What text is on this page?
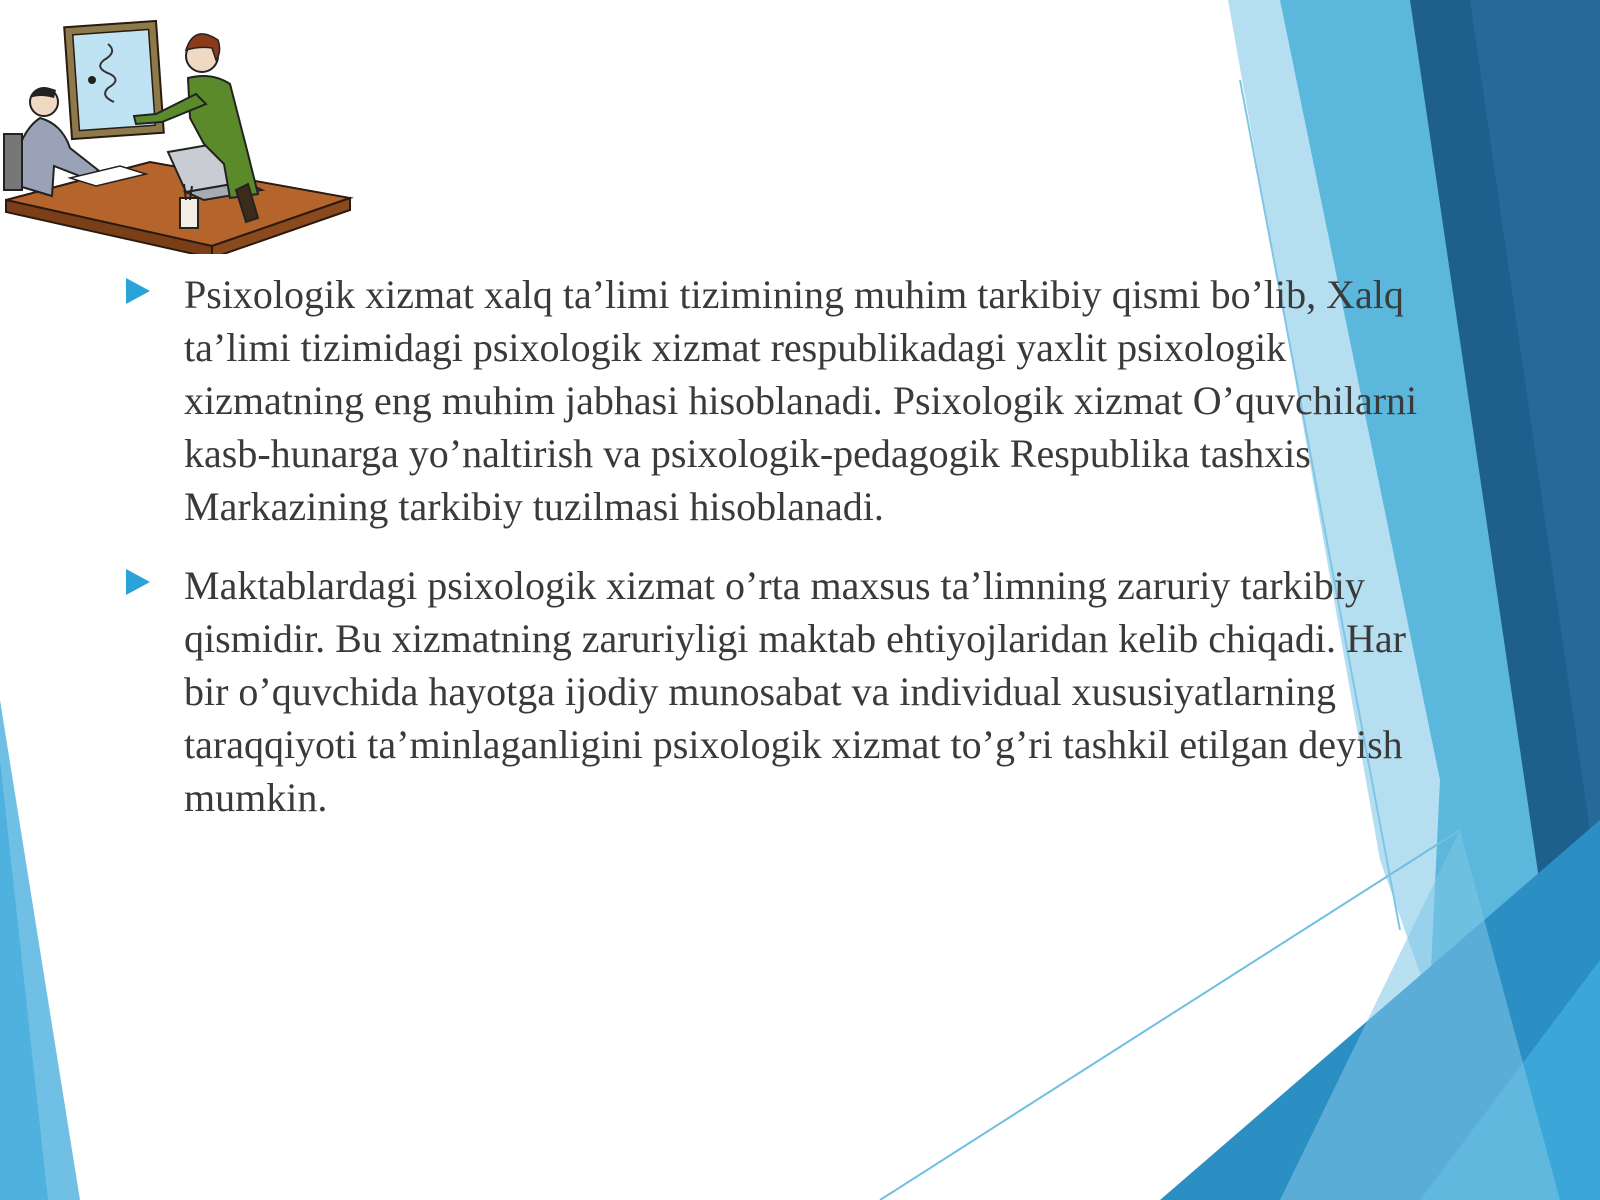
Psixologik xizmat xalq ta’limi tizimining muhim tarkibiy qismi bo’lib, Xalq ta’limi tizimidagi psixologik xizmat respublikadagi yaxlit psixologik xizmatning eng muhim jabhasi hisoblanadi. Psixologik xizmat O’quvchilarni kasb-hunarga yo’naltirish va psixologik-pedagogik Respublika tashxis Markazining tarkibiy tuzilmasi hisoblanadi.

Maktablardagi psixologik xizmat o’rta maxsus ta’limning zaruriy tarkibiy qismidir. Bu xizmatning zaruriyligi maktab ehtiyojlaridan kelib chiqadi. Har bir o’quvchida hayotga ijodiy munosabat va individual xususiyatlarning taraqqiyoti ta’minlaganligini psixologik xizmat to’g’ri tashkil etilgan deyish mumkin.
